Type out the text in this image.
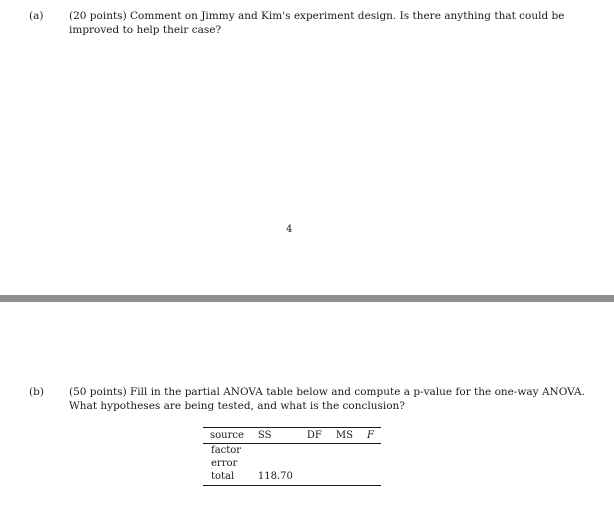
(a) (20 points) Comment on Jimmy and Kim's experiment design. Is there anything that could be
improved to help their case?
4
(b) (50 points) Fill in the partial ANOVA table below and compute a p-value for the one-way ANOVA.
What hypotheses are being tested, and what is the conclusion?
source	SS	DF	MS	F
factor				
error				
total	118.70			
